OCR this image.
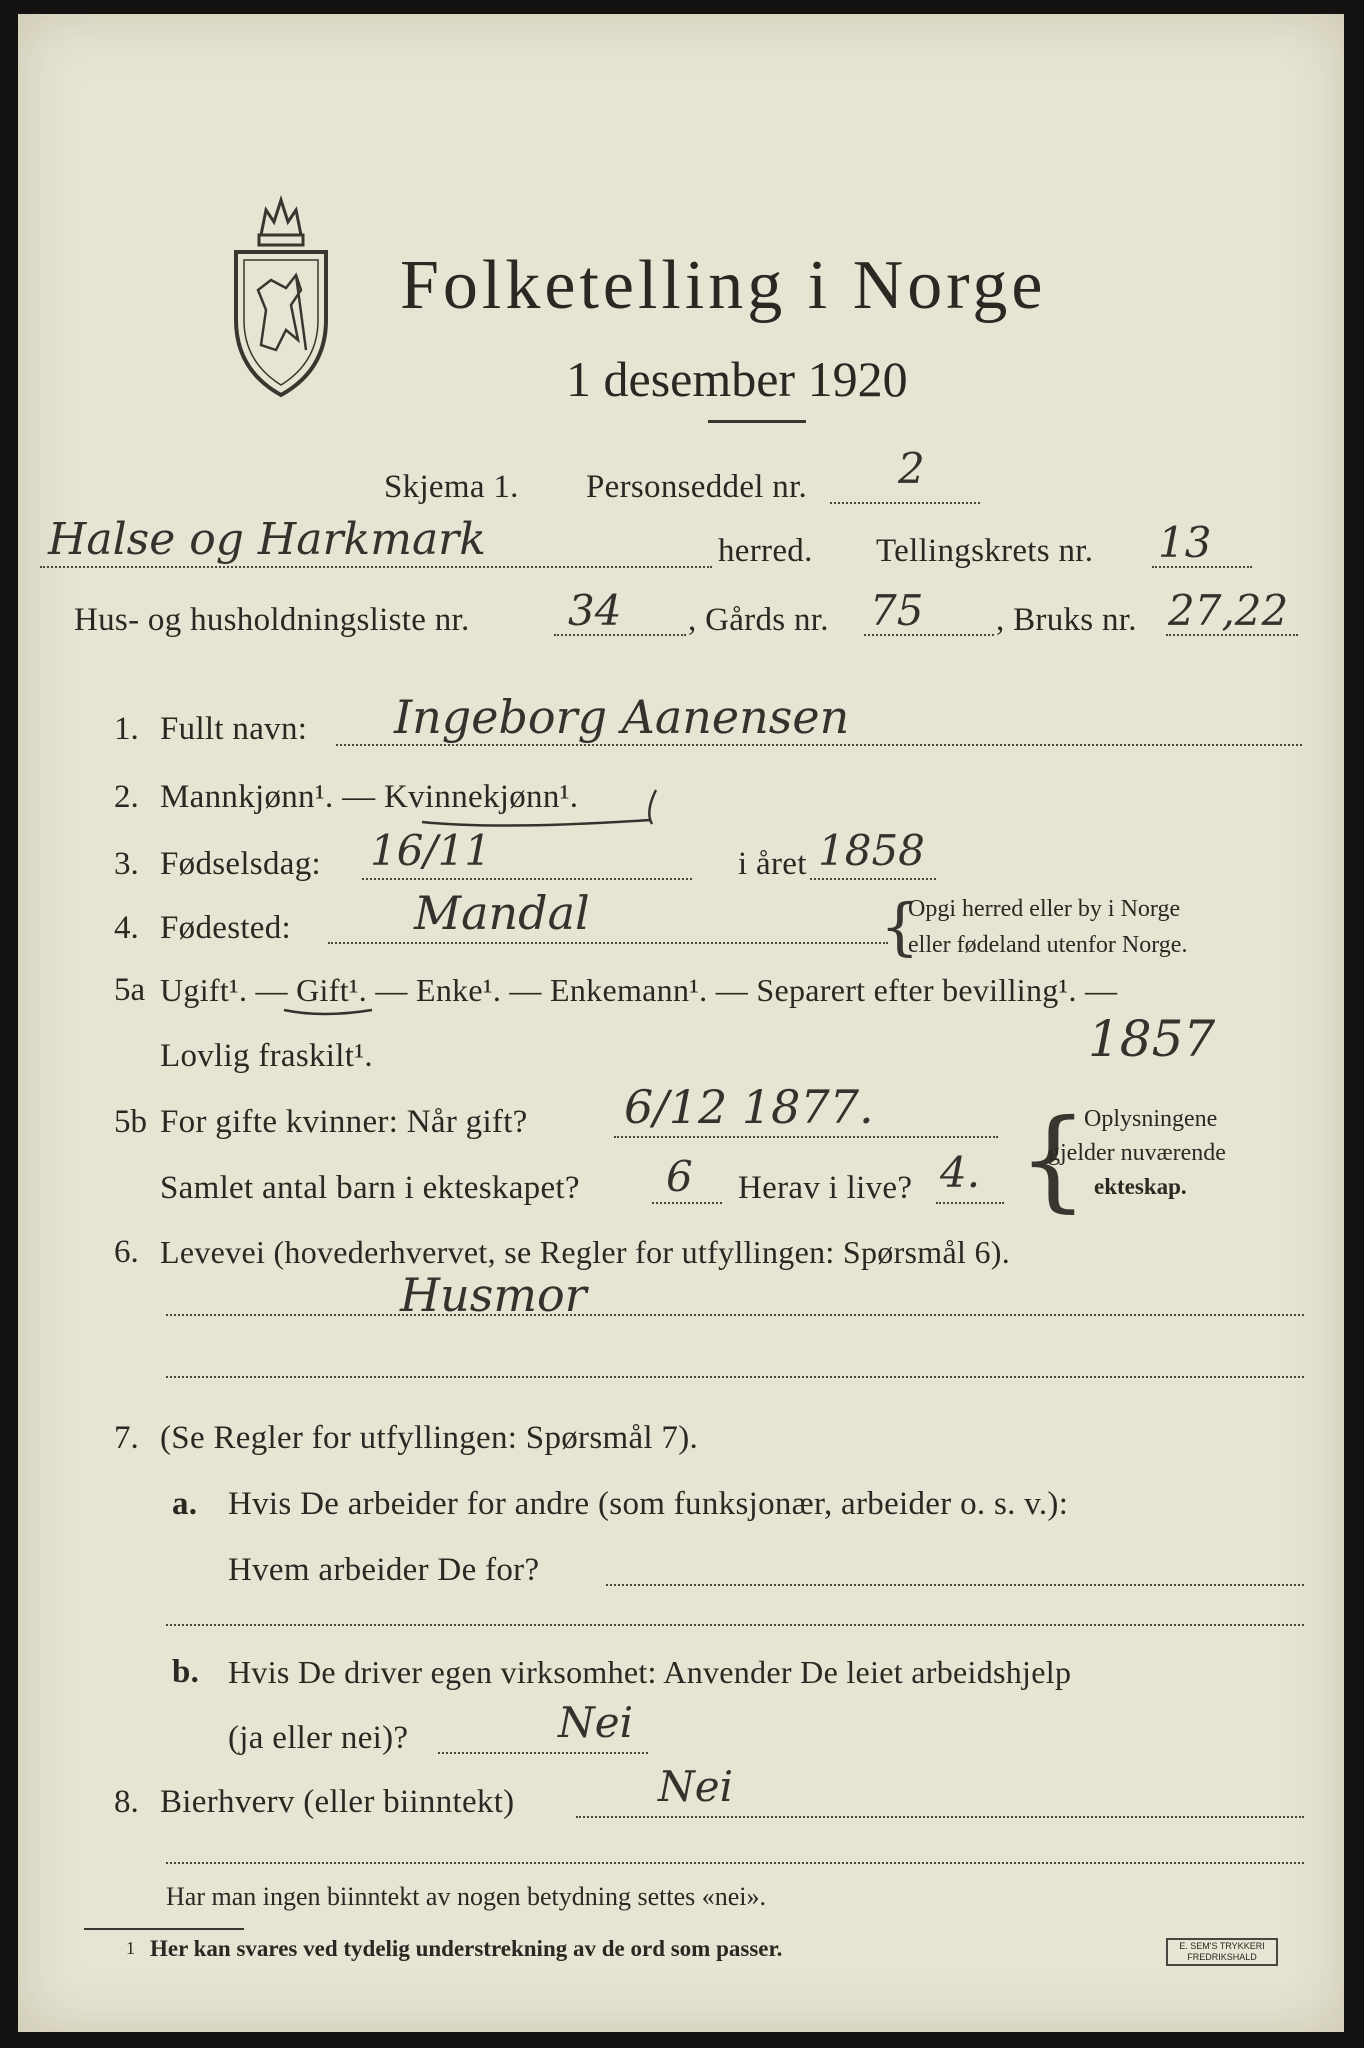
Folketelling i Norge
1 desember 1920
Skjema 1. Personseddel nr. 2
Halse og Harkmark	herred. Tellingskrets nr. 13
Hus- og husholdningsliste nr. 34 , Gårds nr. 75 , Bruks nr. 27,22
1. Fullt navn: Ingeborg Aanensen
2. Mannkjønn¹. — Kvinnekjønn¹.
3. Fødselsdag: 16/11	i året 1858
4. Fødested:	Mandal	{
Opgi herred eller by i Norge
eller fødeland utenfor Norge.
5a Ugift¹. — Gift¹. — Enke¹. — Enkemann¹. — Separert efter bevilling¹. —
Lovlig fraskilt¹.	1857
5b For gifte kvinner: Når gift? 6/12 1877.
Samlet antal barn i ekteskapet? 6 Herav i live? 4. {
Oplysningene
gjelder nuværende
ekteskap.
6. Levevei (hovederhvervet, se Regler for utfyllingen: Spørsmål 6).
Husmor
7. (Se Regler for utfyllingen: Spørsmål 7).
a. Hvis De arbeider for andre (som funksjonær, arbeider o. s. v.):
Hvem arbeider De for?
b. Hvis De driver egen virksomhet: Anvender De leiet arbeidshjelp
(ja eller nei)?	Nei
8. Bierhverv (eller biinntekt)	Nei
Har man ingen biinntekt av nogen betydning settes «nei».
1 Her kan svares ved tydelig understrekning av de ord som passer.	E. SEM'S TRYKKERI FREDRIKSHALD
